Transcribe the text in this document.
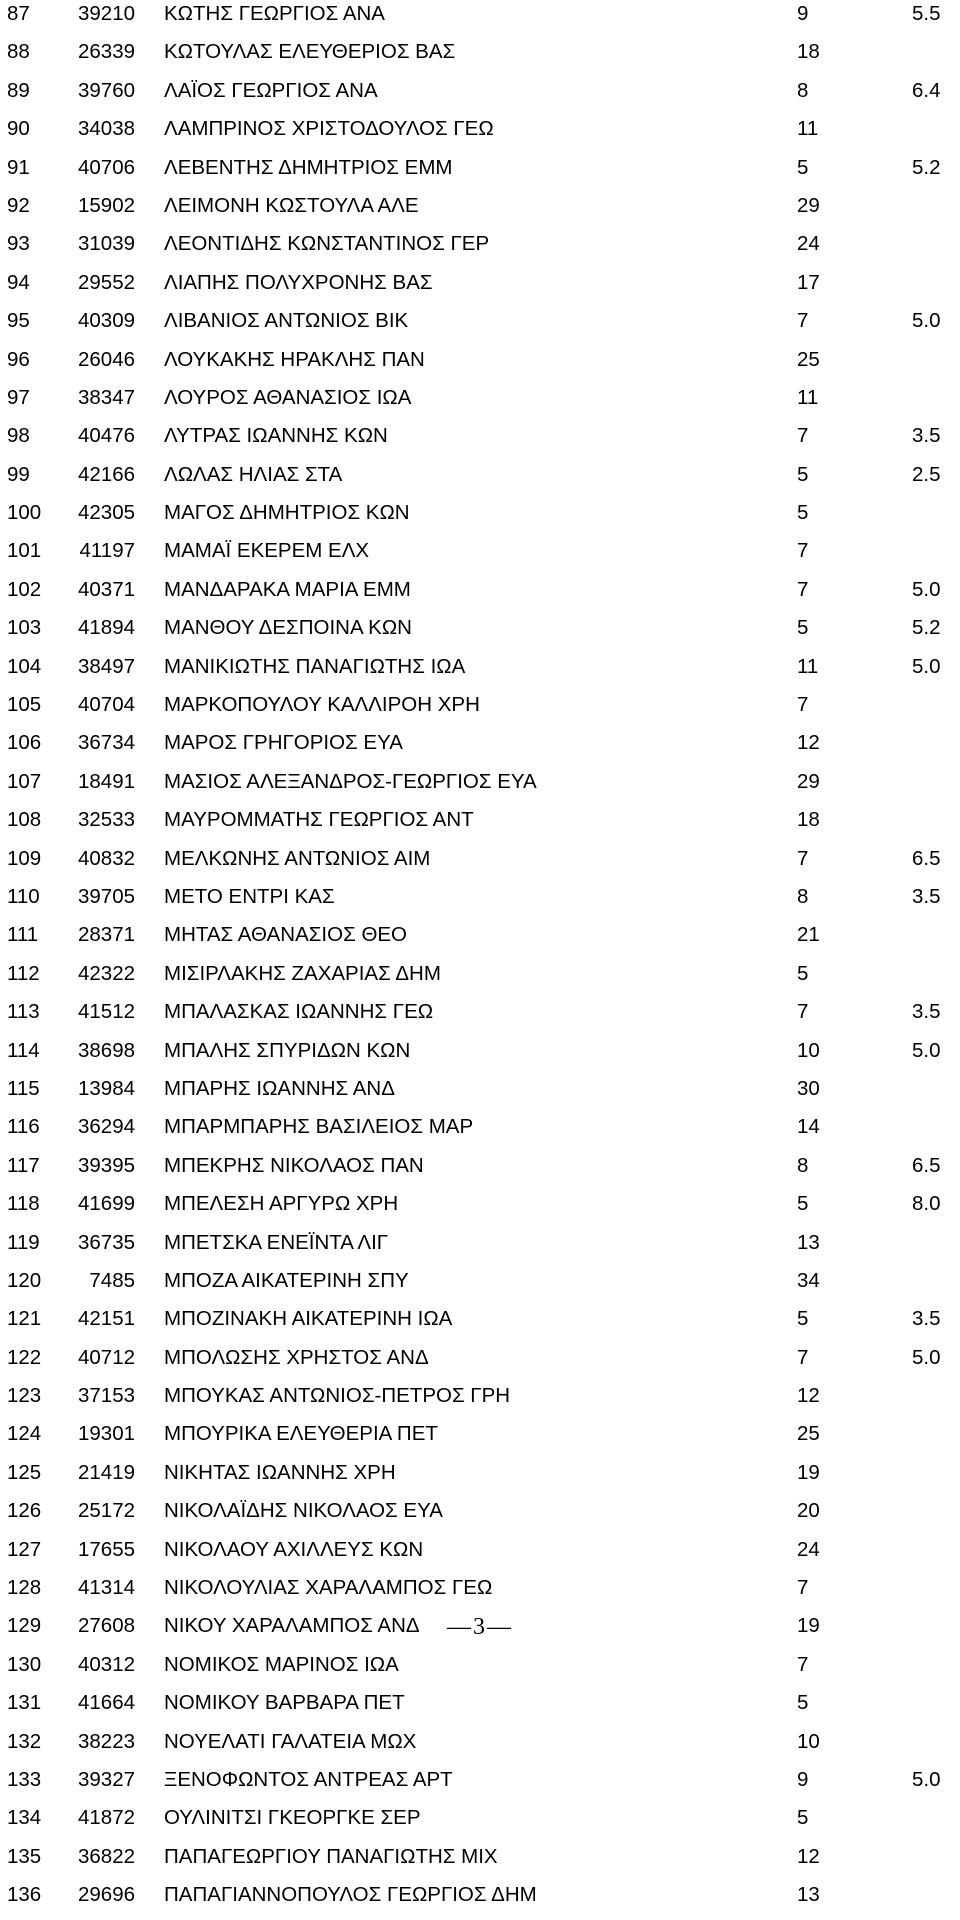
87	39210 ΚΩΤΗΣ ΓΕΩΡΓΙΟΣ ΑΝΑ	9	5.5
88	26339 ΚΩΤΟΥΛΑΣ ΕΛΕΥΘΕΡΙΟΣ ΒΑΣ	18
89	39760 ΛΑΪΟΣ ΓΕΩΡΓΙΟΣ ΑΝΑ	8	6.4
90	34038 ΛΑΜΠΡΙΝΟΣ ΧΡΙΣΤΟΔΟΥΛΟΣ ΓΕΩ	11
91	40706 ΛΕΒΕΝΤΗΣ ΔΗΜΗΤΡΙΟΣ ΕΜΜ	5	5.2
92	15902 ΛΕΙΜΟΝΗ ΚΩΣΤΟΥΛΑ ΑΛΕ	29
93	31039 ΛΕΟΝΤΙΔΗΣ ΚΩΝΣΤΑΝΤΙΝΟΣ ΓΕΡ	24
94	29552 ΛΙΑΠΗΣ ΠΟΛΥΧΡΟΝΗΣ ΒΑΣ	17
95	40309 ΛΙΒΑΝΙΟΣ ΑΝΤΩΝΙΟΣ ΒΙΚ	7	5.0
96	26046 ΛΟΥΚΑΚΗΣ ΗΡΑΚΛΗΣ ΠΑΝ	25
97	38347 ΛΟΥΡΟΣ ΑΘΑΝΑΣΙΟΣ ΙΩΑ	11
98	40476 ΛΥΤΡΑΣ ΙΩΑΝΝΗΣ ΚΩΝ	7	3.5
99	42166 ΛΩΛΑΣ ΗΛΙΑΣ ΣΤΑ	5	2.5
100	42305 ΜΑΓΟΣ ΔΗΜΗΤΡΙΟΣ ΚΩΝ	5
101	41197 ΜΑΜΑΪ ΕΚΕΡΕΜ ΕΛΧ	7
102	40371 ΜΑΝΔΑΡΑΚΑ ΜΑΡΙΑ ΕΜΜ	7	5.0
103	41894 ΜΑΝΘΟΥ ΔΕΣΠΟΙΝΑ ΚΩΝ	5	5.2
104	38497 ΜΑΝΙΚΙΩΤΗΣ ΠΑΝΑΓΙΩΤΗΣ ΙΩΑ	11	5.0
105	40704 ΜΑΡΚΟΠΟΥΛΟΥ ΚΑΛΛΙΡΟΗ ΧΡΗ	7
106	36734 ΜΑΡΟΣ ΓΡΗΓΟΡΙΟΣ ΕΥΑ	12
107	18491 ΜΑΣΙΟΣ ΑΛΕΞΑΝΔΡΟΣ-ΓΕΩΡΓΙΟΣ ΕΥΑ	29
108	32533 ΜΑΥΡΟΜΜΑΤΗΣ ΓΕΩΡΓΙΟΣ ΑΝΤ	18
109	40832 ΜΕΛΚΩΝΗΣ ΑΝΤΩΝΙΟΣ ΑΙΜ	7	6.5
110	39705 ΜΕΤΟ ΕΝΤΡΙ ΚΑΣ	8	3.5
111	28371 ΜΗΤΑΣ ΑΘΑΝΑΣΙΟΣ ΘΕΟ	21
112	42322 ΜΙΣΙΡΛΑΚΗΣ ΖΑΧΑΡΙΑΣ ΔΗΜ	5
113	41512 ΜΠΑΛΑΣΚΑΣ ΙΩΑΝΝΗΣ ΓΕΩ	7	3.5
114	38698 ΜΠΑΛΗΣ ΣΠΥΡΙΔΩΝ ΚΩΝ	10	5.0
115	13984 ΜΠΑΡΗΣ ΙΩΑΝΝΗΣ ΑΝΔ	30
116	36294 ΜΠΑΡΜΠΑΡΗΣ ΒΑΣΙΛΕΙΟΣ ΜΑΡ	14
117	39395 ΜΠΕΚΡΗΣ ΝΙΚΟΛΑΟΣ ΠΑΝ	8	6.5
118	41699 ΜΠΕΛΕΣΗ ΑΡΓΥΡΩ ΧΡΗ	5	8.0
119	36735 ΜΠΕΤΣΚΑ ΕΝΕΪΝΤΑ ΛΙΓ	13
120	7485 ΜΠΟΖΑ ΑΙΚΑΤΕΡΙΝΗ ΣΠΥ	34
121	42151 ΜΠΟΖΙΝΑΚΗ ΑΙΚΑΤΕΡΙΝΗ ΙΩΑ	5	3.5
122	40712 ΜΠΟΛΩΣΗΣ ΧΡΗΣΤΟΣ ΑΝΔ	7	5.0
123	37153 ΜΠΟΥΚΑΣ ΑΝΤΩΝΙΟΣ-ΠΕΤΡΟΣ ΓΡΗ	12
124	19301 ΜΠΟΥΡΙΚΑ ΕΛΕΥΘΕΡΙΑ ΠΕΤ	25
125	21419 ΝΙΚΗΤΑΣ ΙΩΑΝΝΗΣ ΧΡΗ	19
126	25172 ΝΙΚΟΛΑΪΔΗΣ ΝΙΚΟΛΑΟΣ ΕΥΑ	20
127	17655 ΝΙΚΟΛΑΟΥ ΑΧΙΛΛΕΥΣ ΚΩΝ	24
128	41314 ΝΙΚΟΛΟΥΛΙΑΣ ΧΑΡΑΛΑΜΠΟΣ ΓΕΩ	7
129	27608 ΝΙΚΟΥ ΧΑΡΑΛΑΜΠΟΣ ΑΝΔ	19
130	40312 ΝΟΜΙΚΟΣ ΜΑΡΙΝΟΣ ΙΩΑ	7
131	41664 ΝΟΜΙΚΟΥ ΒΑΡΒΑΡΑ ΠΕΤ	5
132	38223 ΝΟΥΕΛΑΤΙ ΓΑΛΑΤΕΙΑ ΜΩΧ	10
133	39327 ΞΕΝΟΦΩΝΤΟΣ ΑΝΤΡΕΑΣ ΑΡΤ	9	5.0
134	41872 ΟΥΛΙΝΙΤΣΙ ΓΚΕΟΡΓΚΕ ΣΕΡ	5
135	36822 ΠΑΠΑΓΕΩΡΓΙΟΥ ΠΑΝΑΓΙΩΤΗΣ ΜΙΧ	12
136	29696 ΠΑΠΑΓΙΑΝΝΟΠΟΥΛΟΣ ΓΕΩΡΓΙΟΣ ΔΗΜ	13
—3—
